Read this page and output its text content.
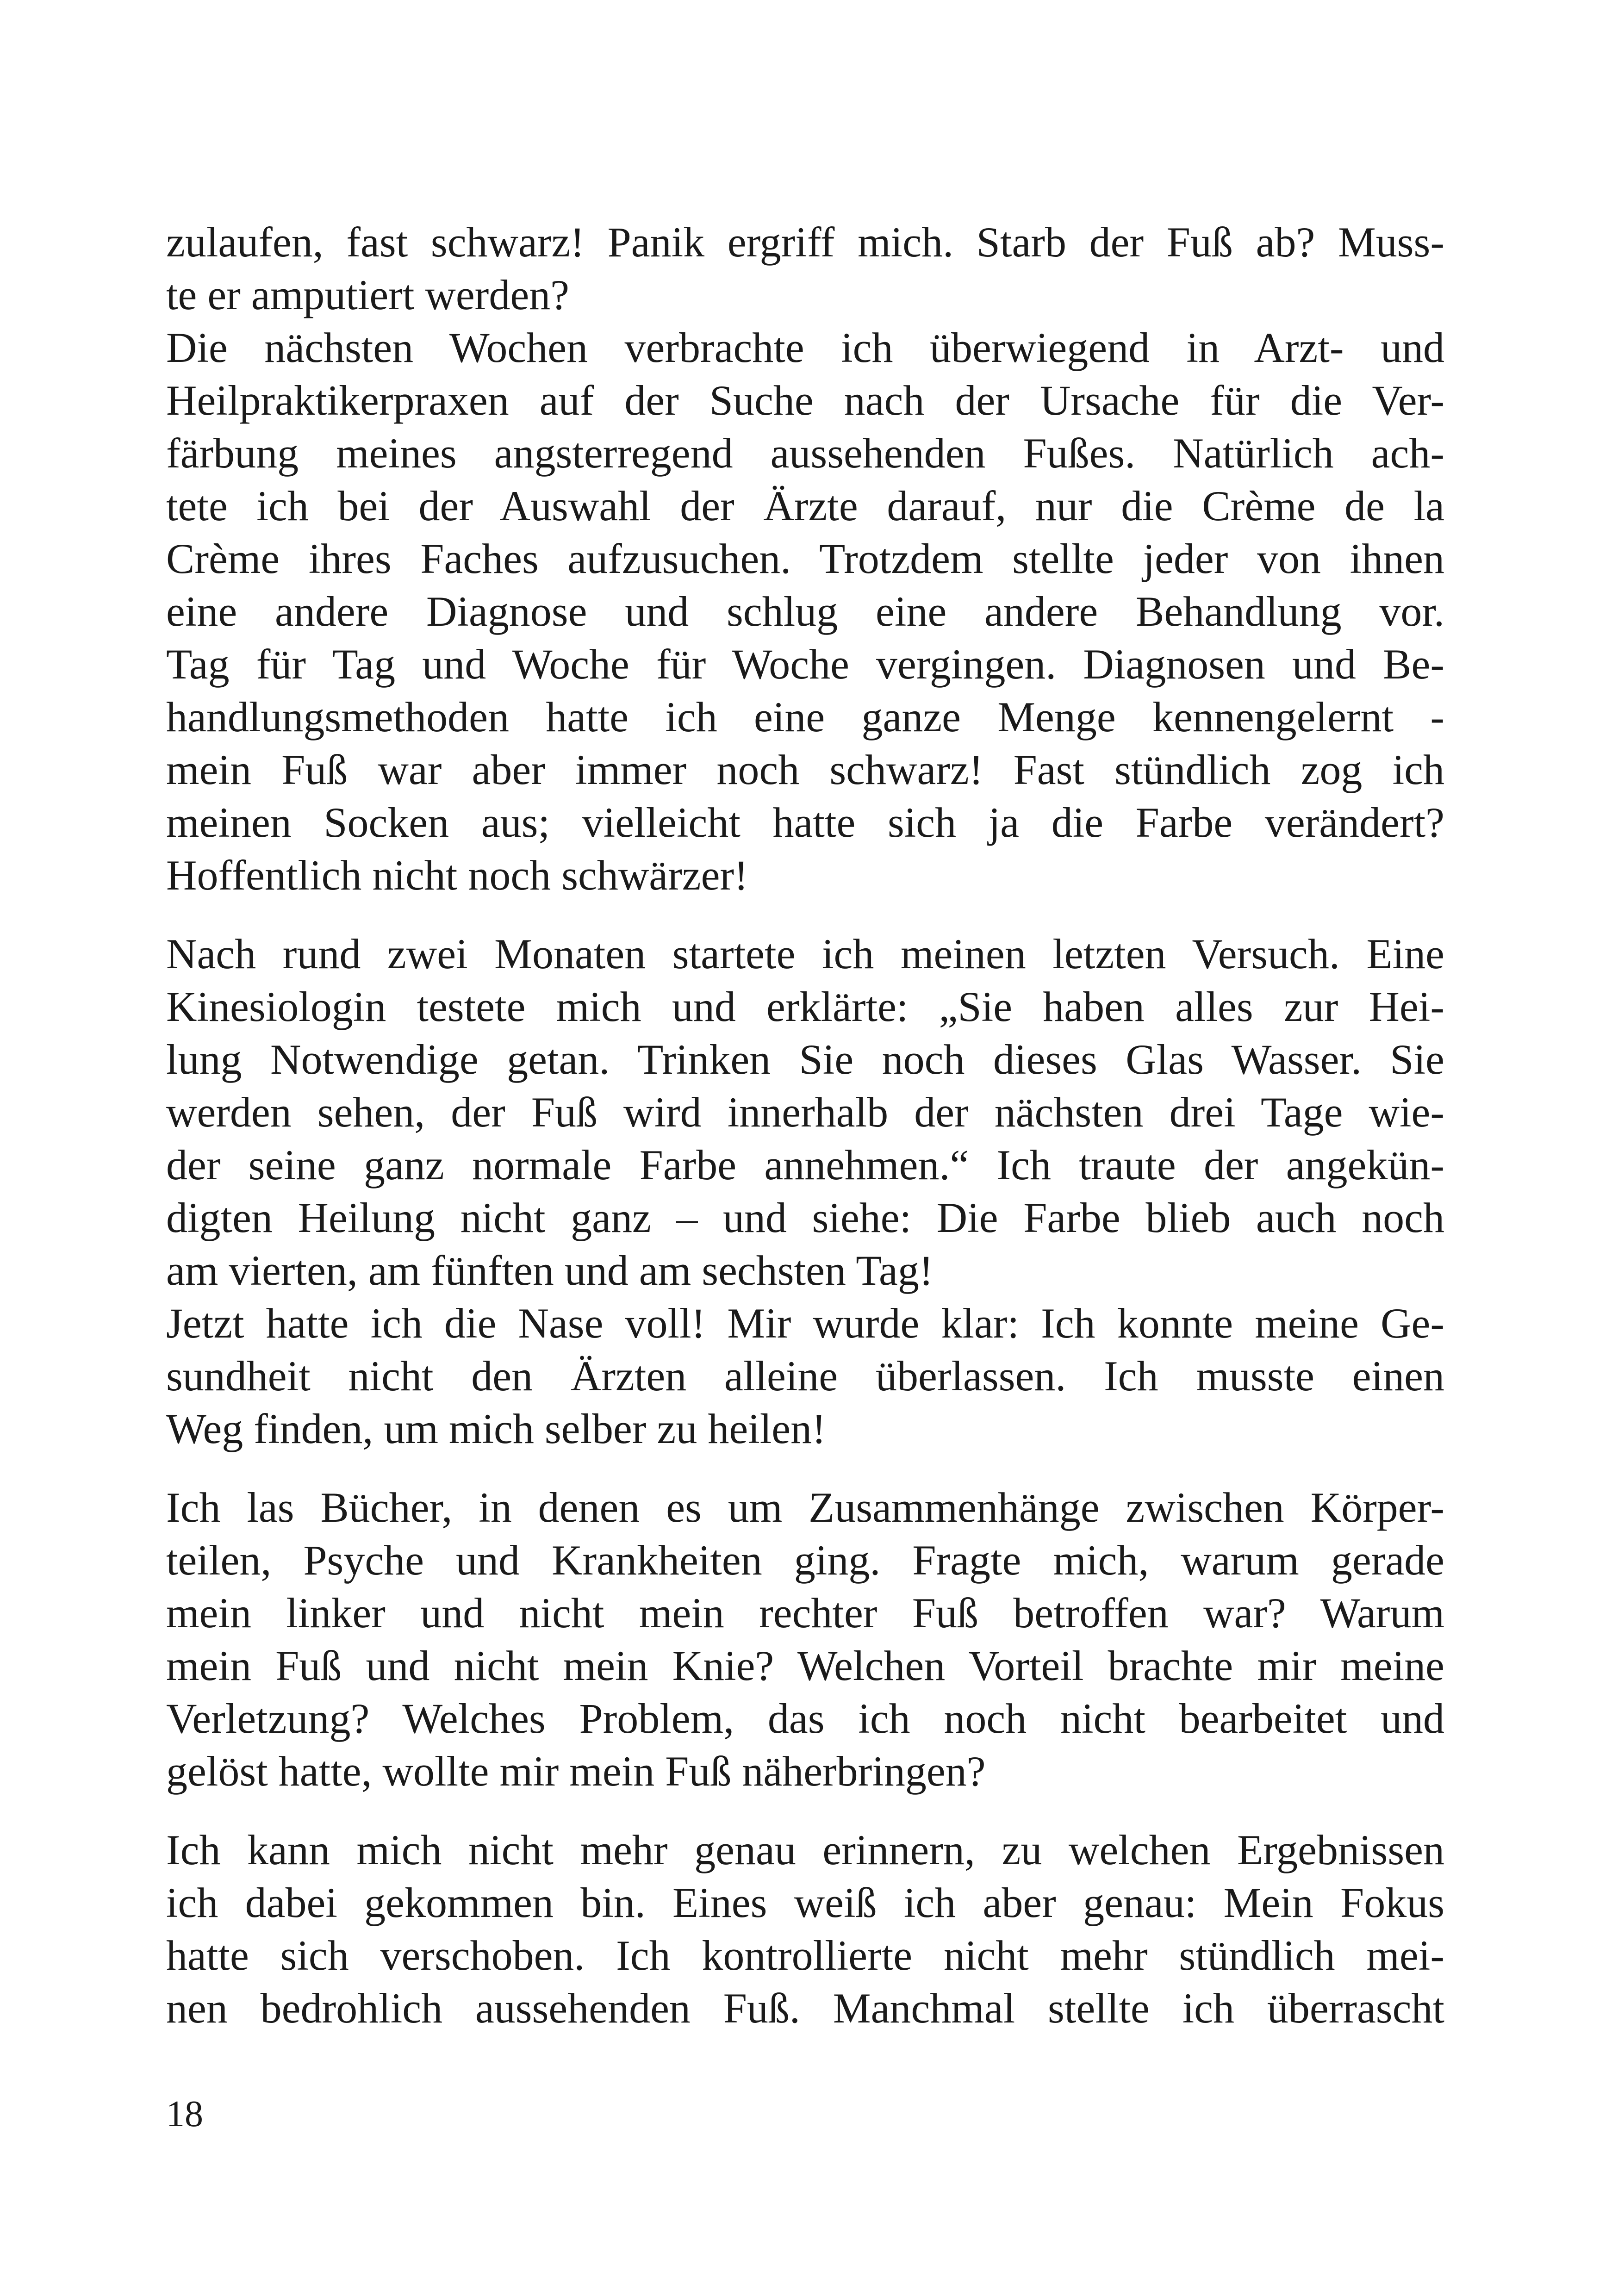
zulaufen, fast schwarz! Panik ergriff mich. Starb der Fuß ab? Muss-
te er amputiert werden?
Die nächsten Wochen verbrachte ich überwiegend in Arzt- und
Heilpraktikerpraxen auf der Suche nach der Ursache für die Ver-
färbung meines angsterregend aussehenden Fußes. Natürlich ach-
tete ich bei der Auswahl der Ärzte darauf, nur die Crème de la
Crème ihres Faches aufzusuchen. Trotzdem stellte jeder von ihnen
eine andere Diagnose und schlug eine andere Behandlung vor.
Tag für Tag und Woche für Woche vergingen. Diagnosen und Be-
handlungsmethoden hatte ich eine ganze Menge kennengelernt -
mein Fuß war aber immer noch schwarz! Fast stündlich zog ich
meinen Socken aus; vielleicht hatte sich ja die Farbe verändert?
Hoffentlich nicht noch schwärzer!

Nach rund zwei Monaten startete ich meinen letzten Versuch. Eine
Kinesiologin testete mich und erklärte: „Sie haben alles zur Hei-
lung Notwendige getan. Trinken Sie noch dieses Glas Wasser. Sie
werden sehen, der Fuß wird innerhalb der nächsten drei Tage wie-
der seine ganz normale Farbe annehmen.“ Ich traute der angekün-
digten Heilung nicht ganz – und siehe: Die Farbe blieb auch noch
am vierten, am fünften und am sechsten Tag!
Jetzt hatte ich die Nase voll! Mir wurde klar: Ich konnte meine Ge-
sundheit nicht den Ärzten alleine überlassen. Ich musste einen
Weg finden, um mich selber zu heilen!

Ich las Bücher, in denen es um Zusammenhänge zwischen Körper-
teilen, Psyche und Krankheiten ging. Fragte mich, warum gerade
mein linker und nicht mein rechter Fuß betroffen war? Warum
mein Fuß und nicht mein Knie? Welchen Vorteil brachte mir meine
Verletzung? Welches Problem, das ich noch nicht bearbeitet und
gelöst hatte, wollte mir mein Fuß näherbringen?

Ich kann mich nicht mehr genau erinnern, zu welchen Ergebnissen
ich dabei gekommen bin. Eines weiß ich aber genau: Mein Fokus
hatte sich verschoben. Ich kontrollierte nicht mehr stündlich mei-
nen bedrohlich aussehenden Fuß. Manchmal stellte ich überrascht

18
